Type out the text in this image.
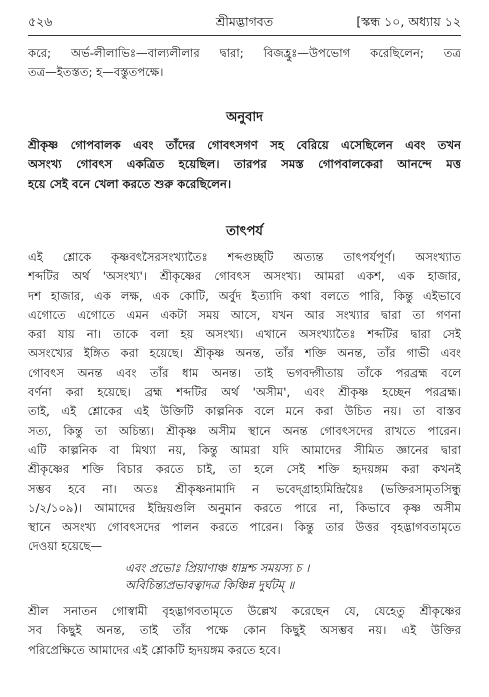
৫২৬	শ্রীমদ্ভাগবত	[স্কন্ধ ১০, অধ্যায় ১২
করে; অর্ভ-লীলাভিঃ—বাল্যলীলার দ্বারা; বিজহ্রুঃ—উপভোগ করেছিলেন; তত্র
তত্র—ইতস্তত; হ—বস্তুতপক্ষে।
অনুবাদ
শ্রীকৃষ্ণ গোপবালক এবং তাঁদের গোবৎসগণ সহ বেরিয়ে এসেছিলেন এবং তখন
অসংখ্য গোবৎস একত্রিত হয়েছিল। তারপর সমস্ত গোপবালকেরা আনন্দে মত্ত
হয়ে সেই বনে খেলা করতে শুরু করেছিলেন।
তাৎপর্য
এই শ্লোকে কৃষ্ণবৎসৈরসংখ্যাতৈঃ শব্দগুচ্ছটি অত্যন্ত তাৎপর্যপূর্ণ। অসংখ্যাত
শব্দটির অর্থ 'অসংখ্য'। শ্রীকৃষ্ণের গোবৎস অসংখ্য। আমরা একশ, এক হাজার,
দশ হাজার, এক লক্ষ, এক কোটি, অর্বুদ ইত্যাদি কথা বলতে পারি, কিন্তু এইভাবে
এগোতে এগোতে এমন একটা সময় আসে, যখন আর সংখ্যার দ্বারা তা গণনা
করা যায় না। তাকে বলা হয় অসংখ্য। এখানে অসংখ্যাতৈঃ শব্দটির দ্বারা সেই
অসংখ্যের ইঙ্গিত করা হয়েছে। শ্রীকৃষ্ণ অনন্ত, তাঁর শক্তি অনন্ত, তাঁর গাভী এবং
গোবৎস অনন্ত এবং তাঁর ধাম অনন্ত। তাই ভগবদ্গীতায় তাঁকে পরব্রহ্ম বলে
বর্ণনা করা হয়েছে। ব্রহ্ম শব্দটির অর্থ 'অসীম', এবং শ্রীকৃষ্ণ হচ্ছেন পরব্রহ্ম।
তাই, এই শ্লোকের এই উক্তিটি কাল্পনিক বলে মনে করা উচিত নয়। তা বাস্তব
সত্য, কিন্তু তা অচিন্ত্য। শ্রীকৃষ্ণ অসীম স্থানে অনন্ত গোবৎসদের রাখতে পারেন।
এটি কাল্পনিক বা মিথ্যা নয়, কিন্তু আমরা যদি আমাদের সীমিত জ্ঞানের দ্বারা
শ্রীকৃষ্ণের শক্তি বিচার করতে চাই, তা হলে সেই শক্তি হৃদয়ঙ্গম করা কখনই
সম্ভব হবে না। অতঃ শ্রীকৃষ্ণনামাদি ন ভবেদ্গ্রাহ্যমিন্দ্রিয়ৈঃ (ভক্তিরসামৃতসিন্ধু
১/২/১০৯)। আমাদের ইন্দ্রিয়গুলি অনুমান করতে পারে না, কিভাবে কৃষ্ণ অসীম
স্থানে অসংখ্য গোবৎসদের পালন করতে পারেন। কিন্তু তার উত্তর বৃহদ্ভাগবতামৃতে
দেওয়া হয়েছে—
এবং প্রভোঃ প্রিয়াণাঞ্চ ধাম্নশ্চ সময়স্য চ ।
অবিচিন্ত্যপ্রভাবত্বাদত্র কিঞ্চিন্ন দুর্ঘটম্ ॥
শ্রীল সনাতন গোস্বামী বৃহদ্ভাগবতামৃতে উল্লেখ করেছেন যে, যেহেতু শ্রীকৃষ্ণের
সব কিছুই অনন্ত, তাই তাঁর পক্ষে কোন কিছুই অসম্ভব নয়। এই উক্তির
পরিপ্রেক্ষিতে আমাদের এই শ্লোকটি হৃদয়ঙ্গম করতে হবে।
